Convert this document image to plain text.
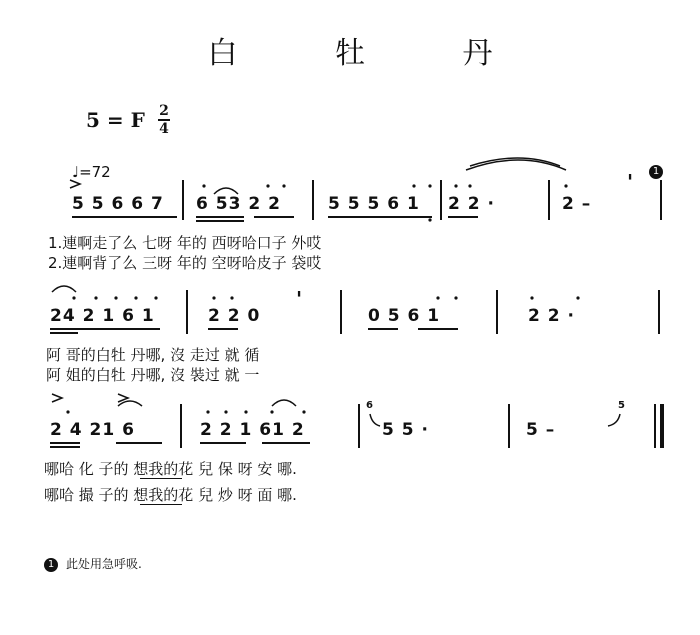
白 牡 丹
5 = F 2
4
♩=72	1
'
'
5 5 6 6 7 6 53 2 2	5 5 5 6 1 2 2 ·	2 –
1.連啊走了么 七呀 年的 西呀哈口子 外哎
2.連啊背了么 三呀 年的 空呀哈皮子 袋哎
24 2 1 6 1	2 2 0	0 5 6 1	2 2 ·
阿 哥的白牡 丹哪, 沒 走过 就 循
阿 姐的白牡 丹哪, 沒 裝过 就 一
2 4 21 6	2 2 1 61 2	5 5 ·	5 –
6	5
哪哈 化 子的 想我的花 兒 保 呀 安 哪.
哪哈 撮 子的 想我的花 兒 炒 呀 面 哪.
1 此处用急呼吸.
